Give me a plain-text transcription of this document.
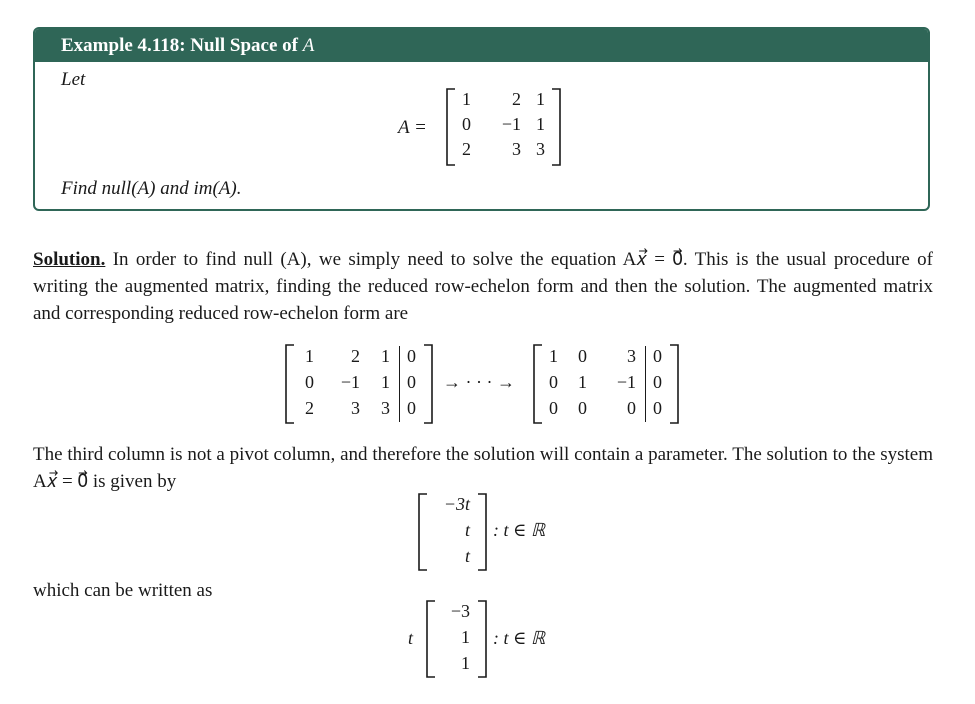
Example 4.118: Null Space of A
Let
A =
1	2 1
0	−1 1
2	3 3
Find null(A) and im(A).
Solution. In order to find null (A), we simply need to solve the equation A𝑥⃗ = 0⃗. This is the usual procedure of writing the augmented matrix, finding the reduced row-echelon form and then the solution. The augmented matrix and corresponding reduced row-echelon form are
1	2	1 0
0	−1	1 0
2	3	3 0
→ · · · →
1	0	3 0
0	1	−1 0
0	0	0 0
The third column is not a pivot column, and therefore the solution will contain a parameter. The solution to the system A𝑥⃗ = 0⃗ is given by
−3t
t
t
: t ∈ ℝ
which can be written as
t
−3
1
1
: t ∈ ℝ
